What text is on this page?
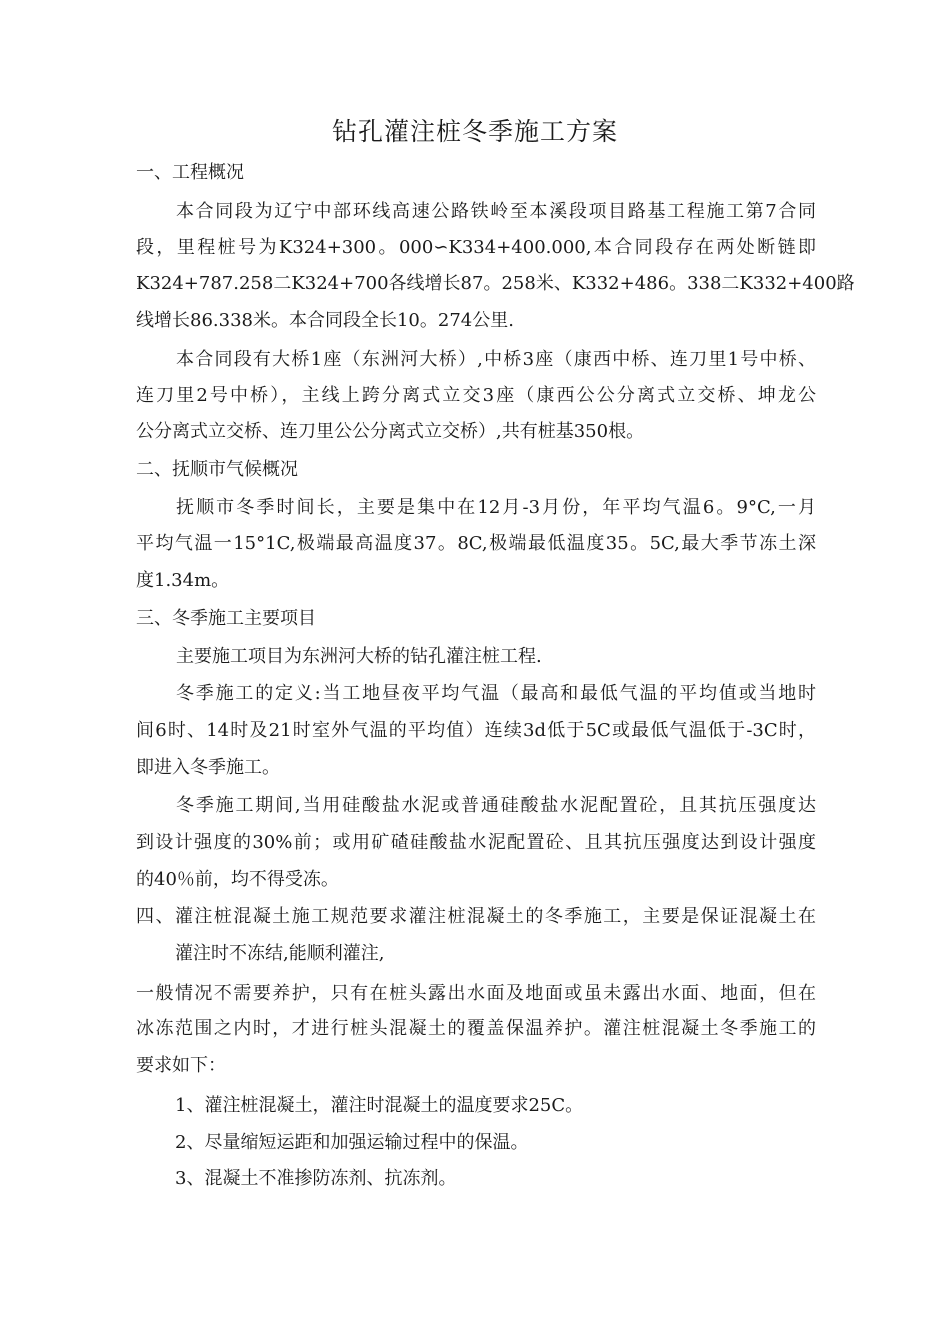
钻孔灌注桩冬季施工方案
一、工程概况
本合同段为辽宁中部环线高速公路铁岭至本溪段项目路基工程施工第7合同
段，里程桩号为K324+300。000∽K334+400.000,本合同段存在两处断链即
K324+787.258二K324+700各线增长87。258米、K332+486。338二K332+400路
线增长86.338米。本合同段全长10。274公里.
本合同段有大桥1座（东洲河大桥）,中桥3座（康西中桥、连刀里1号中桥、
连刀里2号中桥），主线上跨分离式立交3座（康西公公分离式立交桥、坤龙公
公分离式立交桥、连刀里公公分离式立交桥）,共有桩基350根。
二、抚顺市气候概况
抚顺市冬季时间长，主要是集中在12月-3月份，年平均气温6。9°C,一月
平均气温一15°1C,极端最高温度37。8C,极端最低温度35。5C,最大季节冻土深
度1.34m。
三、冬季施工主要项目
主要施工项目为东洲河大桥的钻孔灌注桩工程.
冬季施工的定义:当工地昼夜平均气温（最高和最低气温的平均值或当地时
间6时、14时及21时室外气温的平均值）连续3d低于5C或最低气温低于-3C时，
即进入冬季施工。
冬季施工期间,当用硅酸盐水泥或普通硅酸盐水泥配置砼，且其抗压强度达
到设计强度的30%前；或用矿碴硅酸盐水泥配置砼、且其抗压强度达到设计强度
的40％前，均不得受冻。
四、灌注桩混凝土施工规范要求灌注桩混凝土的冬季施工，主要是保证混凝土在
灌注时不冻结,能顺利灌注,
一般情况不需要养护，只有在桩头露出水面及地面或虽未露出水面、地面，但在
冰冻范围之内时，才进行桩头混凝土的覆盖保温养护。灌注桩混凝土冬季施工的
要求如下：
1、灌注桩混凝土，灌注时混凝土的温度要求25C。
2、尽量缩短运距和加强运输过程中的保温。
3、混凝土不准掺防冻剂、抗冻剂。
